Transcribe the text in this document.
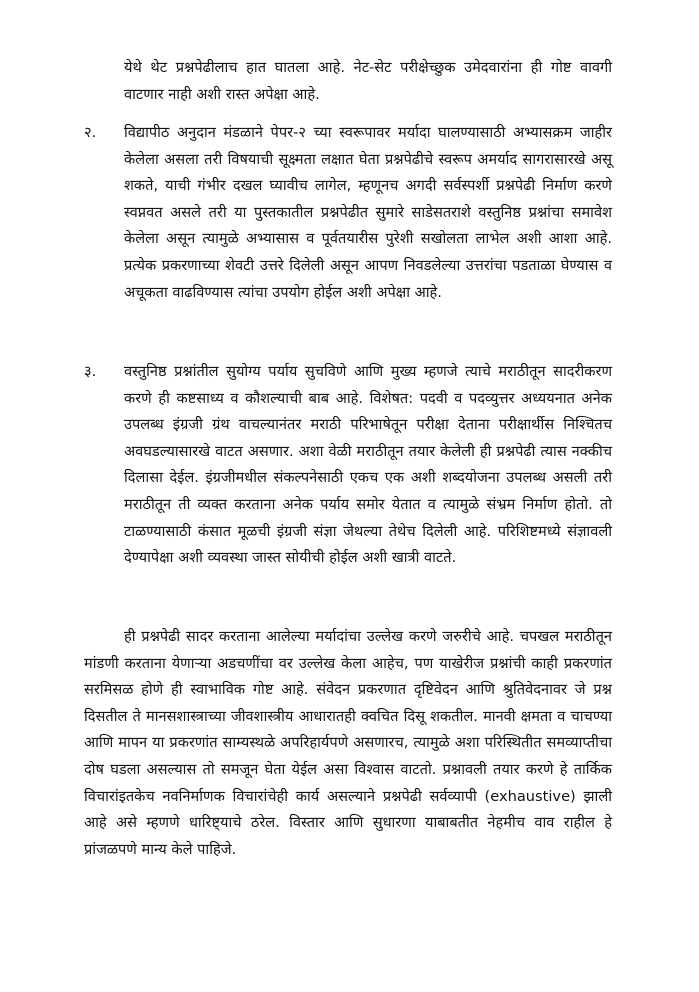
येथे थेट प्रश्नपेढीलाच हात घातला आहे. नेट-सेट परीक्षेच्छुक उमेदवारांना ही गोष्ट वावगी वाटणार नाही अशी रास्त अपेक्षा आहे.

२.	विद्यापीठ अनुदान मंडळाने पेपर-२ च्या स्वरूपावर मर्यादा घालण्यासाठी अभ्यासक्रम जाहीर केलेला असला तरी विषयाची सूक्ष्मता लक्षात घेता प्रश्नपेढीचे स्वरूप अमर्याद सागरासारखे असू शकते, याची गंभीर दखल घ्यावीच लागेल, म्हणूनच अगदी सर्वस्पर्शी प्रश्नपेढी निर्माण करणे स्वप्नवत असले तरी या पुस्तकातील प्रश्नपेढीत सुमारे साडेसतराशे वस्तुनिष्ठ प्रश्नांचा समावेश केलेला असून त्यामुळे अभ्यासास व पूर्वतयारीस पुरेशी सखोलता लाभेल अशी आशा आहे. प्रत्येक प्रकरणाच्या शेवटी उत्तरे दिलेली असून आपण निवडलेल्या उत्तरांचा पडताळा घेण्यास व अचूकता वाढविण्यास त्यांचा उपयोग होईल अशी अपेक्षा आहे.

३.	वस्तुनिष्ठ प्रश्नांतील सुयोग्य पर्याय सुचविणे आणि मुख्य म्हणजे त्याचे मराठीतून सादरीकरण करणे ही कष्टसाध्य व कौशल्याची बाब आहे. विशेषत: पदवी व पदव्युत्तर अध्ययनात अनेक उपलब्ध इंग्रजी ग्रंथ वाचल्यानंतर मराठी परिभाषेतून परीक्षा देताना परीक्षार्थीस निश्चितच अवघडल्यासारखे वाटत असणार. अशा वेळी मराठीतून तयार केलेली ही प्रश्नपेढी त्यास नक्कीच दिलासा देईल. इंग्रजीमधील संकल्पनेसाठी एकच एक अशी शब्दयोजना उपलब्ध असली तरी मराठीतून ती व्यक्त करताना अनेक पर्याय समोर येतात व त्यामुळे संभ्रम निर्माण होतो. तो टाळण्यासाठी कंसात मूळची इंग्रजी संज्ञा जेथल्या तेथेच दिलेली आहे. परिशिष्टमध्ये संज्ञावली देण्यापेक्षा अशी व्यवस्था जास्त सोयीची होईल अशी खात्री वाटते.

ही प्रश्नपेढी सादर करताना आलेल्या मर्यादांचा उल्लेख करणे जरुरीचे आहे. चपखल मराठीतून मांडणी करताना येणाऱ्या अडचणींचा वर उल्लेख केला आहेच, पण याखेरीज प्रश्नांची काही प्रकरणांत सरमिसळ होणे ही स्वाभाविक गोष्ट आहे. संवेदन प्रकरणात दृष्टिवेदन आणि श्रुतिवेदनावर जे प्रश्न दिसतील ते मानसशास्त्राच्या जीवशास्त्रीय आधारातही क्वचित दिसू शकतील. मानवी क्षमता व चाचण्या आणि मापन या प्रकरणांत साम्यस्थळे अपरिहार्यपणे असणारच, त्यामुळे अशा परिस्थितीत समव्याप्तीचा दोष घडला असल्यास तो समजून घेता येईल असा विश्वास वाटतो. प्रश्नावली तयार करणे हे तार्किक विचारांइतकेच नवनिर्माणक विचारांचेही कार्य असल्याने प्रश्नपेढी सर्वव्यापी (exhaustive) झाली आहे असे म्हणणे धारिष्ट्याचे ठरेल. विस्तार आणि सुधारणा याबाबतीत नेहमीच वाव राहील हे प्रांजळपणे मान्य केले पाहिजे.
